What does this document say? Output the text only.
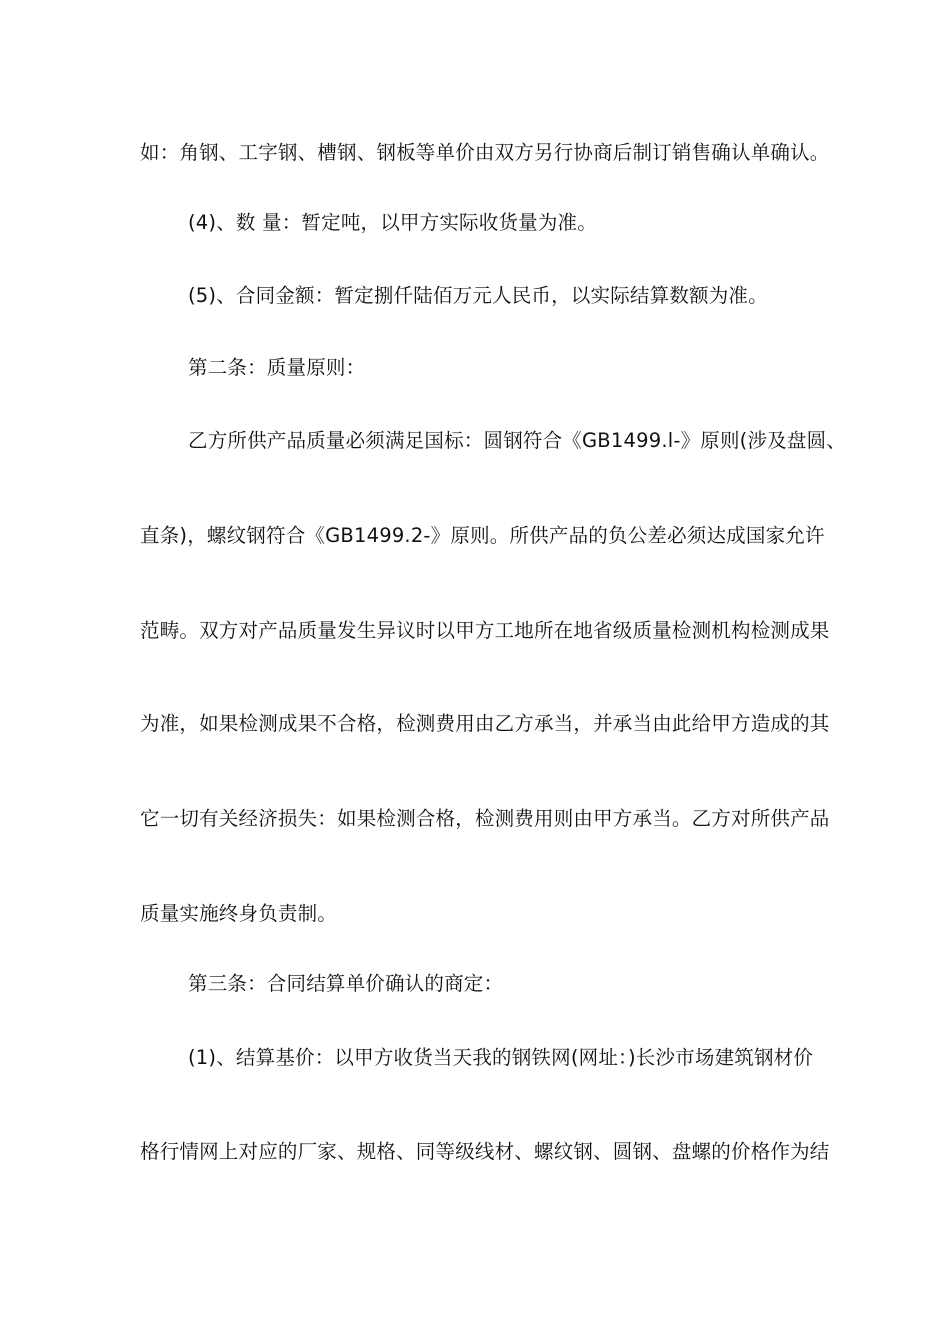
如：角钢、工字钢、槽钢、钢板等单价由双方另行协商后制订销售确认单确认。
(4)、数 量：暂定吨，以甲方实际收货量为准。
(5)、合同金额：暂定捌仟陆佰万元人民币，以实际结算数额为准。
第二条：质量原则：
乙方所供产品质量必须满足国标：圆钢符合《GB1499.l-》原则(涉及盘圆、
直条)，螺纹钢符合《GB1499.2-》原则。所供产品的负公差必须达成国家允许
范畴。双方对产品质量发生异议时以甲方工地所在地省级质量检测机构检测成果
为准，如果检测成果不合格，检测费用由乙方承当，并承当由此给甲方造成的其
它一切有关经济损失：如果检测合格，检测费用则由甲方承当。乙方对所供产品
质量实施终身负责制。
第三条：合同结算单价确认的商定：
(1)、结算基价：以甲方收货当天我的钢铁网(网址：)长沙市场建筑钢材价
格行情网上对应的厂家、规格、同等级线材、螺纹钢、圆钢、盘螺的价格作为结
